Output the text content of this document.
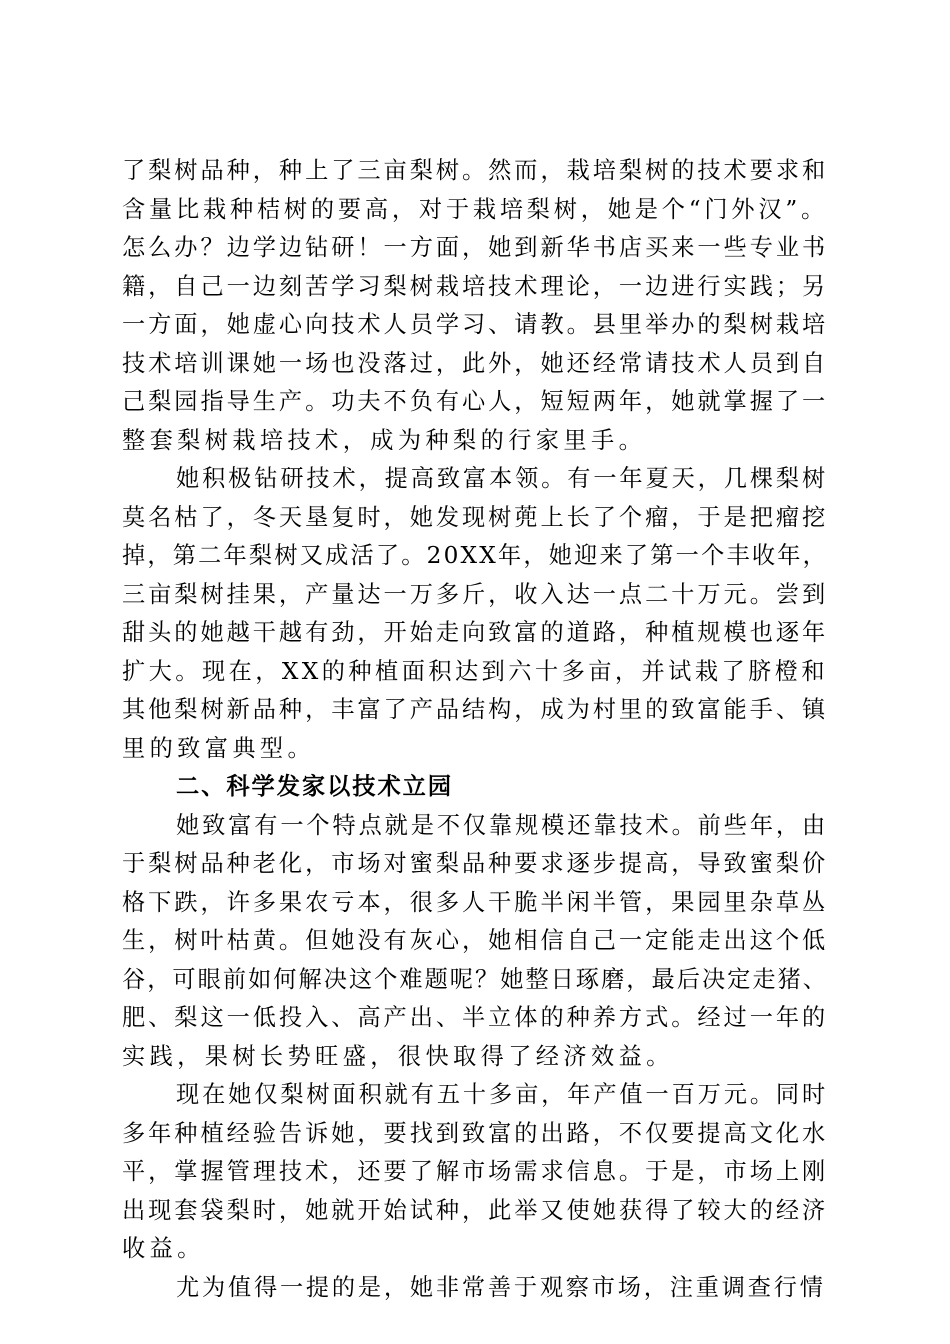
了梨树品种，种上了三亩梨树。然而，栽培梨树的技术要求和
含量比栽种桔树的要高，对于栽培梨树，她是个“门外汉”。
怎么办？边学边钻研！一方面，她到新华书店买来一些专业书
籍，自己一边刻苦学习梨树栽培技术理论，一边进行实践；另
一方面，她虚心向技术人员学习、请教。县里举办的梨树栽培
技术培训课她一场也没落过，此外，她还经常请技术人员到自
己梨园指导生产。功夫不负有心人，短短两年，她就掌握了一
整套梨树栽培技术，成为种梨的行家里手。
她积极钻研技术，提高致富本领。有一年夏天，几棵梨树
莫名枯了，冬天垦复时，她发现树蔸上长了个瘤，于是把瘤挖
掉，第二年梨树又成活了。20XX年，她迎来了第一个丰收年，
三亩梨树挂果，产量达一万多斤，收入达一点二十万元。尝到
甜头的她越干越有劲，开始走向致富的道路，种植规模也逐年
扩大。现在，XX的种植面积达到六十多亩，并试栽了脐橙和
其他梨树新品种，丰富了产品结构，成为村里的致富能手、镇
里的致富典型。
二、科学发家以技术立园
她致富有一个特点就是不仅靠规模还靠技术。前些年，由
于梨树品种老化，市场对蜜梨品种要求逐步提高，导致蜜梨价
格下跌，许多果农亏本，很多人干脆半闲半管，果园里杂草丛
生，树叶枯黄。但她没有灰心，她相信自己一定能走出这个低
谷，可眼前如何解决这个难题呢？她整日琢磨，最后决定走猪、
肥、梨这一低投入、高产出、半立体的种养方式。经过一年的
实践，果树长势旺盛，很快取得了经济效益。
现在她仅梨树面积就有五十多亩，年产值一百万元。同时
多年种植经验告诉她，要找到致富的出路，不仅要提高文化水
平，掌握管理技术，还要了解市场需求信息。于是，市场上刚
出现套袋梨时，她就开始试种，此举又使她获得了较大的经济
收益。
尤为值得一提的是，她非常善于观察市场，注重调查行情
